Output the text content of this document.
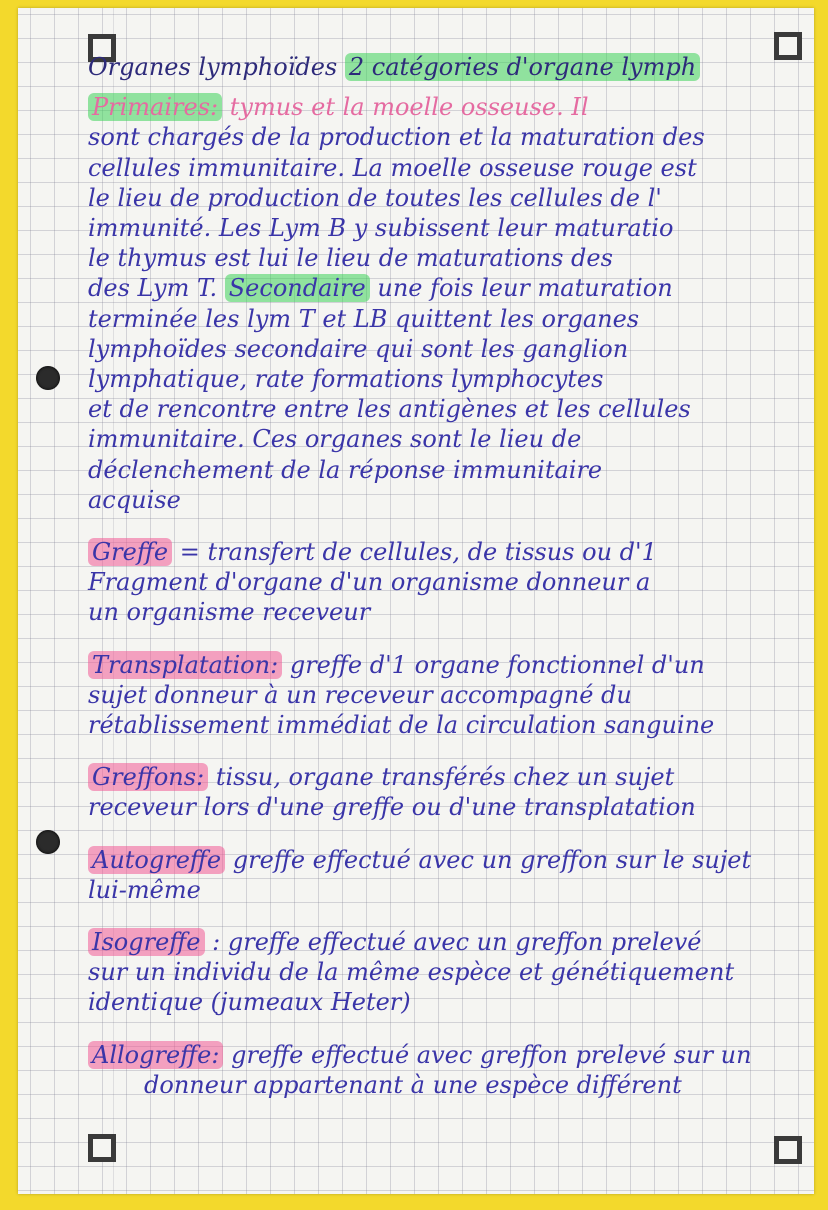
Organes lymphoïdes 2 catégories d'organe lymph
Primaires: tymus et la moelle osseuse. Il
sont chargés de la production et la maturation des
cellules immunitaire. La moelle osseuse rouge est
le lieu de production de toutes les cellules de l'
immunité. Les Lym B y subissent leur maturatio
le thymus est lui le lieu de maturations des
des Lym T. Secondaire une fois leur maturation
terminée les lym T et LB quittent les organes
lymphoïdes secondaire qui sont les ganglion
lymphatique, rate formations lymphocytes
et de rencontre entre les antigènes et les cellules
immunitaire. Ces organes sont le lieu de
déclenchement de la réponse immunitaire
acquise
Greffe = transfert de cellules, de tissus ou d'1
Fragment d'organe d'un organisme donneur a
un organisme receveur
Transplatation: greffe d'1 organe fonctionnel d'un
sujet donneur à un receveur accompagné du
rétablissement immédiat de la circulation sanguine
Greffons: tissu, organe transférés chez un sujet
receveur lors d'une greffe ou d'une transplatation
Autogreffe greffe effectué avec un greffon sur le sujet
lui-même
Isogreffe : greffe effectué avec un greffon prelevé
sur un individu de la même espèce et génétiquement
identique (jumeaux Heter)
Allogreffe: greffe effectué avec greffon prelevé sur un
donneur appartenant à une espèce différent
